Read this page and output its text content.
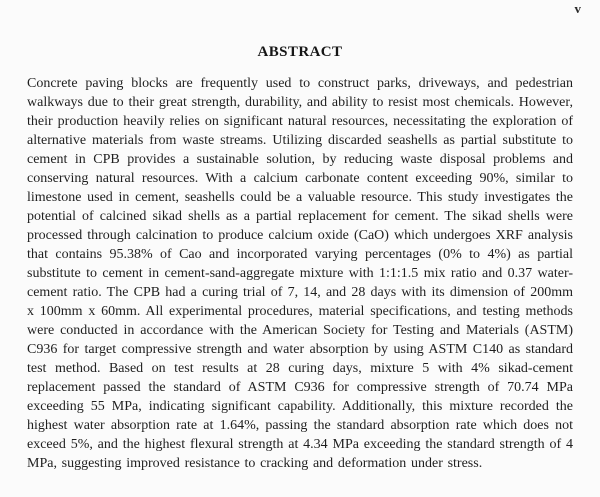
v
ABSTRACT

Concrete paving blocks are frequently used to construct parks, driveways, and pedestrian walkways due to their great strength, durability, and ability to resist most chemicals. However, their production heavily relies on significant natural resources, necessitating the exploration of alternative materials from waste streams. Utilizing discarded seashells as partial substitute to cement in CPB provides a sustainable solution, by reducing waste disposal problems and conserving natural resources. With a calcium carbonate content exceeding 90%, similar to limestone used in cement, seashells could be a valuable resource. This study investigates the potential of calcined sikad shells as a partial replacement for cement. The sikad shells were processed through calcination to produce calcium oxide (CaO) which undergoes XRF analysis that contains 95.38% of Cao and incorporated varying percentages (0% to 4%) as partial substitute to cement in cement-sand-aggregate mixture with 1:1:1.5 mix ratio and 0.37 water-cement ratio. The CPB had a curing trial of 7, 14, and 28 days with its dimension of 200mm x 100mm x 60mm. All experimental procedures, material specifications, and testing methods were conducted in accordance with the American Society for Testing and Materials (ASTM) C936 for target compressive strength and water absorption by using ASTM C140 as standard test method. Based on test results at 28 curing days, mixture 5 with 4% sikad-cement replacement passed the standard of ASTM C936 for compressive strength of 70.74 MPa exceeding 55 MPa, indicating significant capability. Additionally, this mixture recorded the highest water absorption rate at 1.64%, passing the standard absorption rate which does not exceed 5%, and the highest flexural strength at 4.34 MPa exceeding the standard strength of 4 MPa, suggesting improved resistance to cracking and deformation under stress.
